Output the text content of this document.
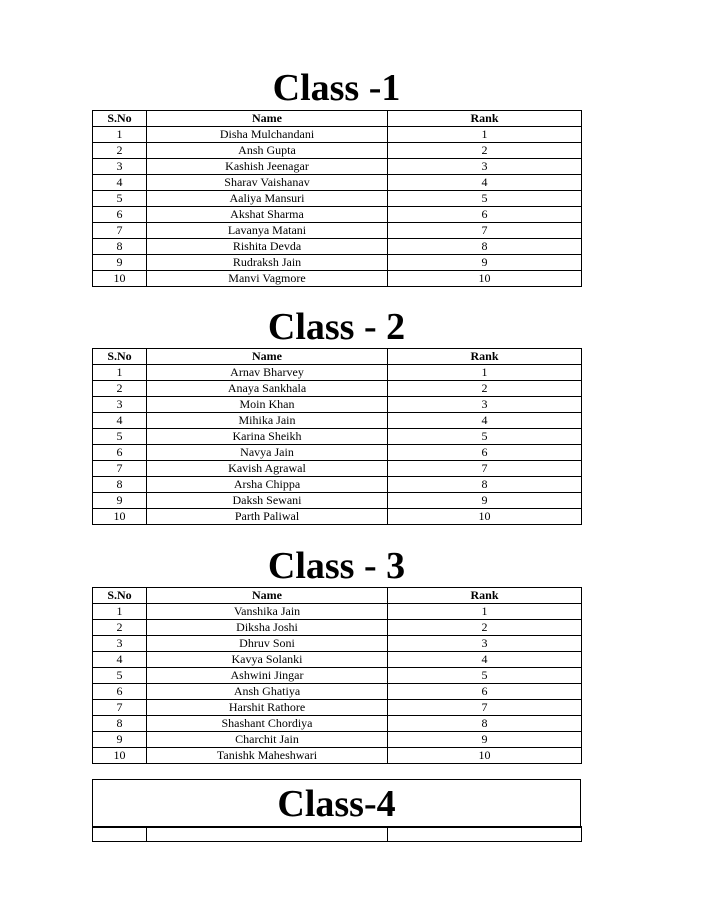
Class -1
S.No	Name	Rank
1	Disha Mulchandani	1
2	Ansh Gupta	2
3	Kashish Jeenagar	3
4	Sharav Vaishanav	4
5	Aaliya Mansuri	5
6	Akshat Sharma	6
7	Lavanya Matani	7
8	Rishita Devda	8
9	Rudraksh Jain	9
10	Manvi Vagmore	10
Class - 2
S.No	Name	Rank
1	Arnav Bharvey	1
2	Anaya Sankhala	2
3	Moin Khan	3
4	Mihika Jain	4
5	Karina Sheikh	5
6	Navya Jain	6
7	Kavish Agrawal	7
8	Arsha Chippa	8
9	Daksh Sewani	9
10	Parth Paliwal	10
Class - 3
S.No	Name	Rank
1	Vanshika Jain	1
2	Diksha Joshi	2
3	Dhruv Soni	3
4	Kavya Solanki	4
5	Ashwini Jingar	5
6	Ansh Ghatiya	6
7	Harshit Rathore	7
8	Shashant Chordiya	8
9	Charchit Jain	9
10	Tanishk Maheshwari	10
Class-4
